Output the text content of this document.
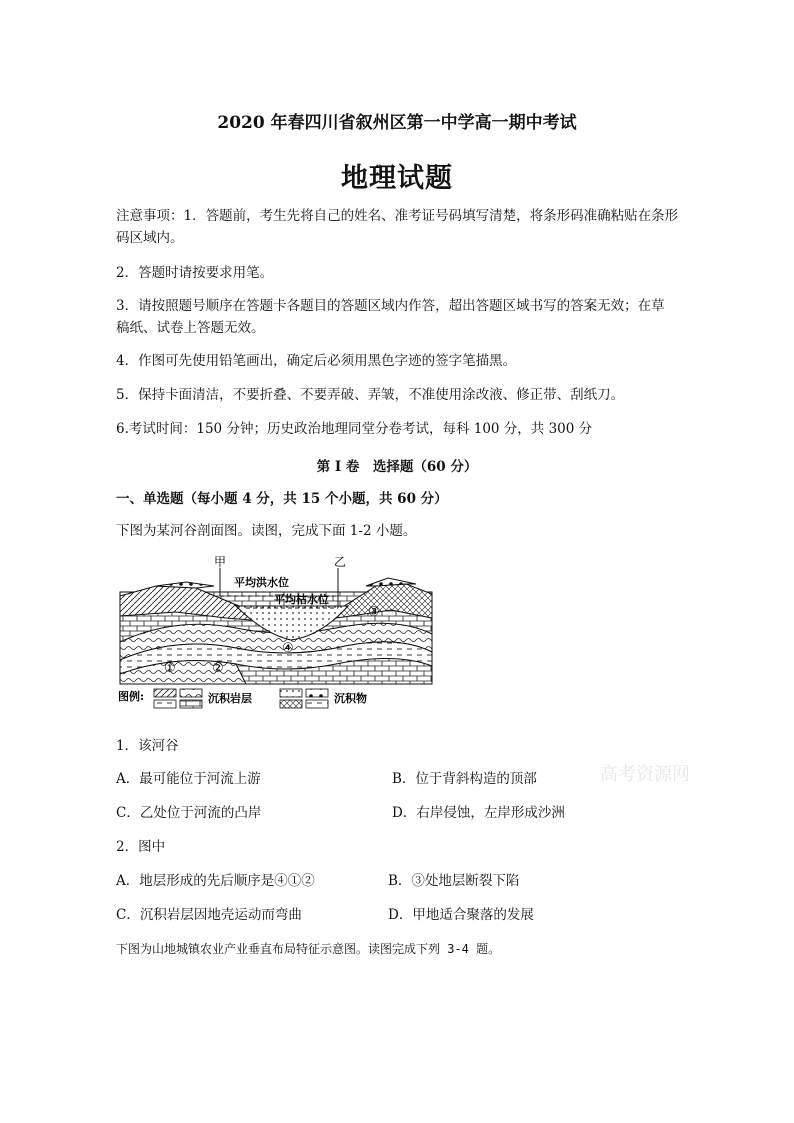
2020 年春四川省叙州区第一中学高一期中考试
地理试题
注意事项：1．答题前，考生先将自己的姓名、准考证号码填写清楚，将条形码准确粘贴在条形码区域内。
2．答题时请按要求用笔。
3．请按照题号顺序在答题卡各题目的答题区域内作答，超出答题区域书写的答案无效；在草
稿纸、试卷上答题无效。
4．作图可先使用铅笔画出，确定后必须用黑色字迹的签字笔描黑。
5．保持卡面清洁，不要折叠、不要弄破、弄皱，不准使用涂改液、修正带、刮纸刀。
6.考试时间：150 分钟；历史政治地理同堂分卷考试，每科 100 分，共 300 分
第 I 卷　选择题（60 分）
一、单选题（每小题 4 分，共 15 个小题，共 60 分）
下图为某河谷剖面图。读图，完成下面 1-2 小题。
甲	乙
平均洪水位
平均枯水位
①	②
③
④
图例:	沉积岩层	沉积物
1．该河谷
A．最可能位于河流上游	B．位于背斜构造的顶部
C．乙处位于河流的凸岸	D．右岸侵蚀，左岸形成沙洲
2．图中
A．地层形成的先后顺序是④①②	B．③处地层断裂下陷
C．沉积岩层因地壳运动而弯曲	D．甲地适合聚落的发展
下图为山地城镇农业产业垂直布局特征示意图。读图完成下列 3-4 题。
高考资源网
